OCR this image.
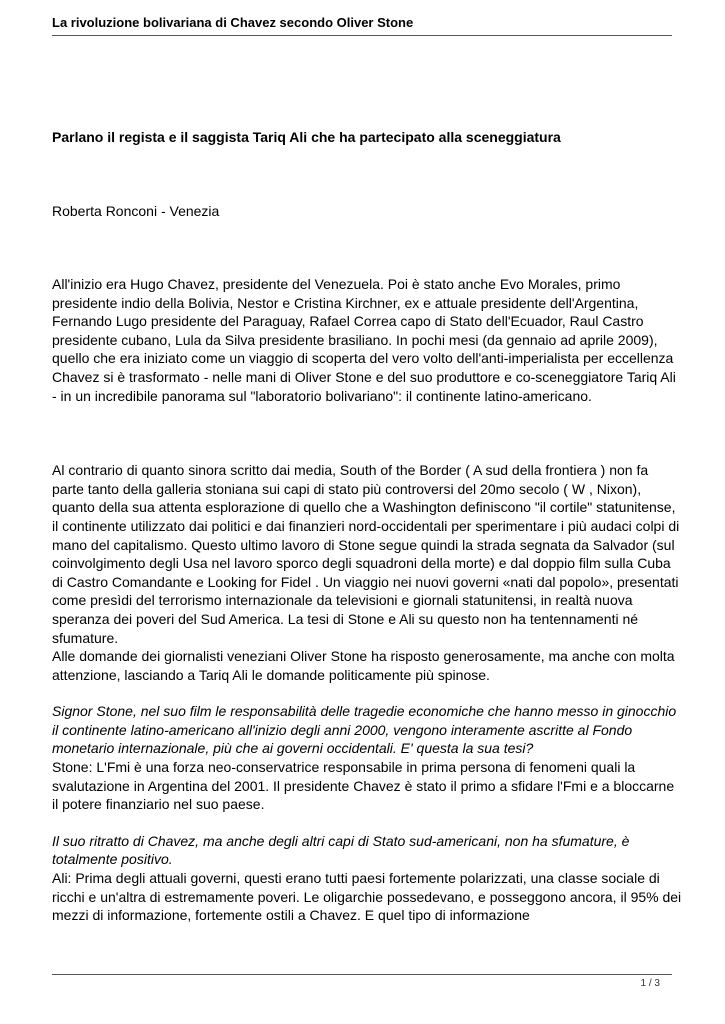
La rivoluzione bolivariana di Chavez secondo Oliver Stone
Parlano il regista e il saggista Tariq Ali che ha partecipato alla sceneggiatura
Roberta Ronconi - Venezia

All'inizio era Hugo Chavez, presidente del Venezuela. Poi è stato anche Evo Morales, primo presidente indio della Bolivia, Nestor e Cristina Kirchner, ex e attuale presidente dell'Argentina, Fernando Lugo presidente del Paraguay, Rafael Correa capo di Stato dell'Ecuador, Raul Castro presidente cubano, Lula da Silva presidente brasiliano. In pochi mesi (da gennaio ad aprile 2009), quello che era iniziato come un viaggio di scoperta del vero volto dell'anti-imperialista per eccellenza Chavez si è trasformato - nelle mani di Oliver Stone e del suo produttore e co-sceneggiatore Tariq Ali - in un incredibile panorama sul "laboratorio bolivariano": il continente latino-americano.

Al contrario di quanto sinora scritto dai media, South of the Border ( A sud della frontiera ) non fa parte tanto della galleria stoniana sui capi di stato più controversi del 20mo secolo ( W , Nixon), quanto della sua attenta esplorazione di quello che a Washington definiscono "il cortile" statunitense, il continente utilizzato dai politici e dai finanzieri nord-occidentali per sperimentare i più audaci colpi di mano del capitalismo. Questo ultimo lavoro di Stone segue quindi la strada segnata da Salvador (sul coinvolgimento degli Usa nel lavoro sporco degli squadroni della morte) e dal doppio film sulla Cuba di Castro Comandante e Looking for Fidel . Un viaggio nei nuovi governi «nati dal popolo», presentati come presìdi del terrorismo internazionale da televisioni e giornali statunitensi, in realtà nuova speranza dei poveri del Sud America. La tesi di Stone e Ali su questo non ha tentennamenti né sfumature.

Alle domande dei giornalisti veneziani Oliver Stone ha risposto generosamente, ma anche con molta attenzione, lasciando a Tariq Ali le domande politicamente più spinose.

Signor Stone, nel suo film le responsabilità delle tragedie economiche che hanno messo in ginocchio il continente latino-americano all'inizio degli anni 2000, vengono interamente ascritte al Fondo monetario internazionale, più che ai governi occidentali. E' questa la sua tesi?

Stone: L'Fmi è una forza neo-conservatrice responsabile in prima persona di fenomeni quali la svalutazione in Argentina del 2001. Il presidente Chavez è stato il primo a sfidare l'Fmi e a bloccarne il potere finanziario nel suo paese.

Il suo ritratto di Chavez, ma anche degli altri capi di Stato sud-americani, non ha sfumature, è totalmente positivo.

Ali: Prima degli attuali governi, questi erano tutti paesi fortemente polarizzati, una classe sociale di ricchi e un'altra di estremamente poveri. Le oligarchie possedevano, e posseggono ancora, il 95% dei mezzi di informazione, fortemente ostili a Chavez. E quel tipo di informazione

1 / 3
